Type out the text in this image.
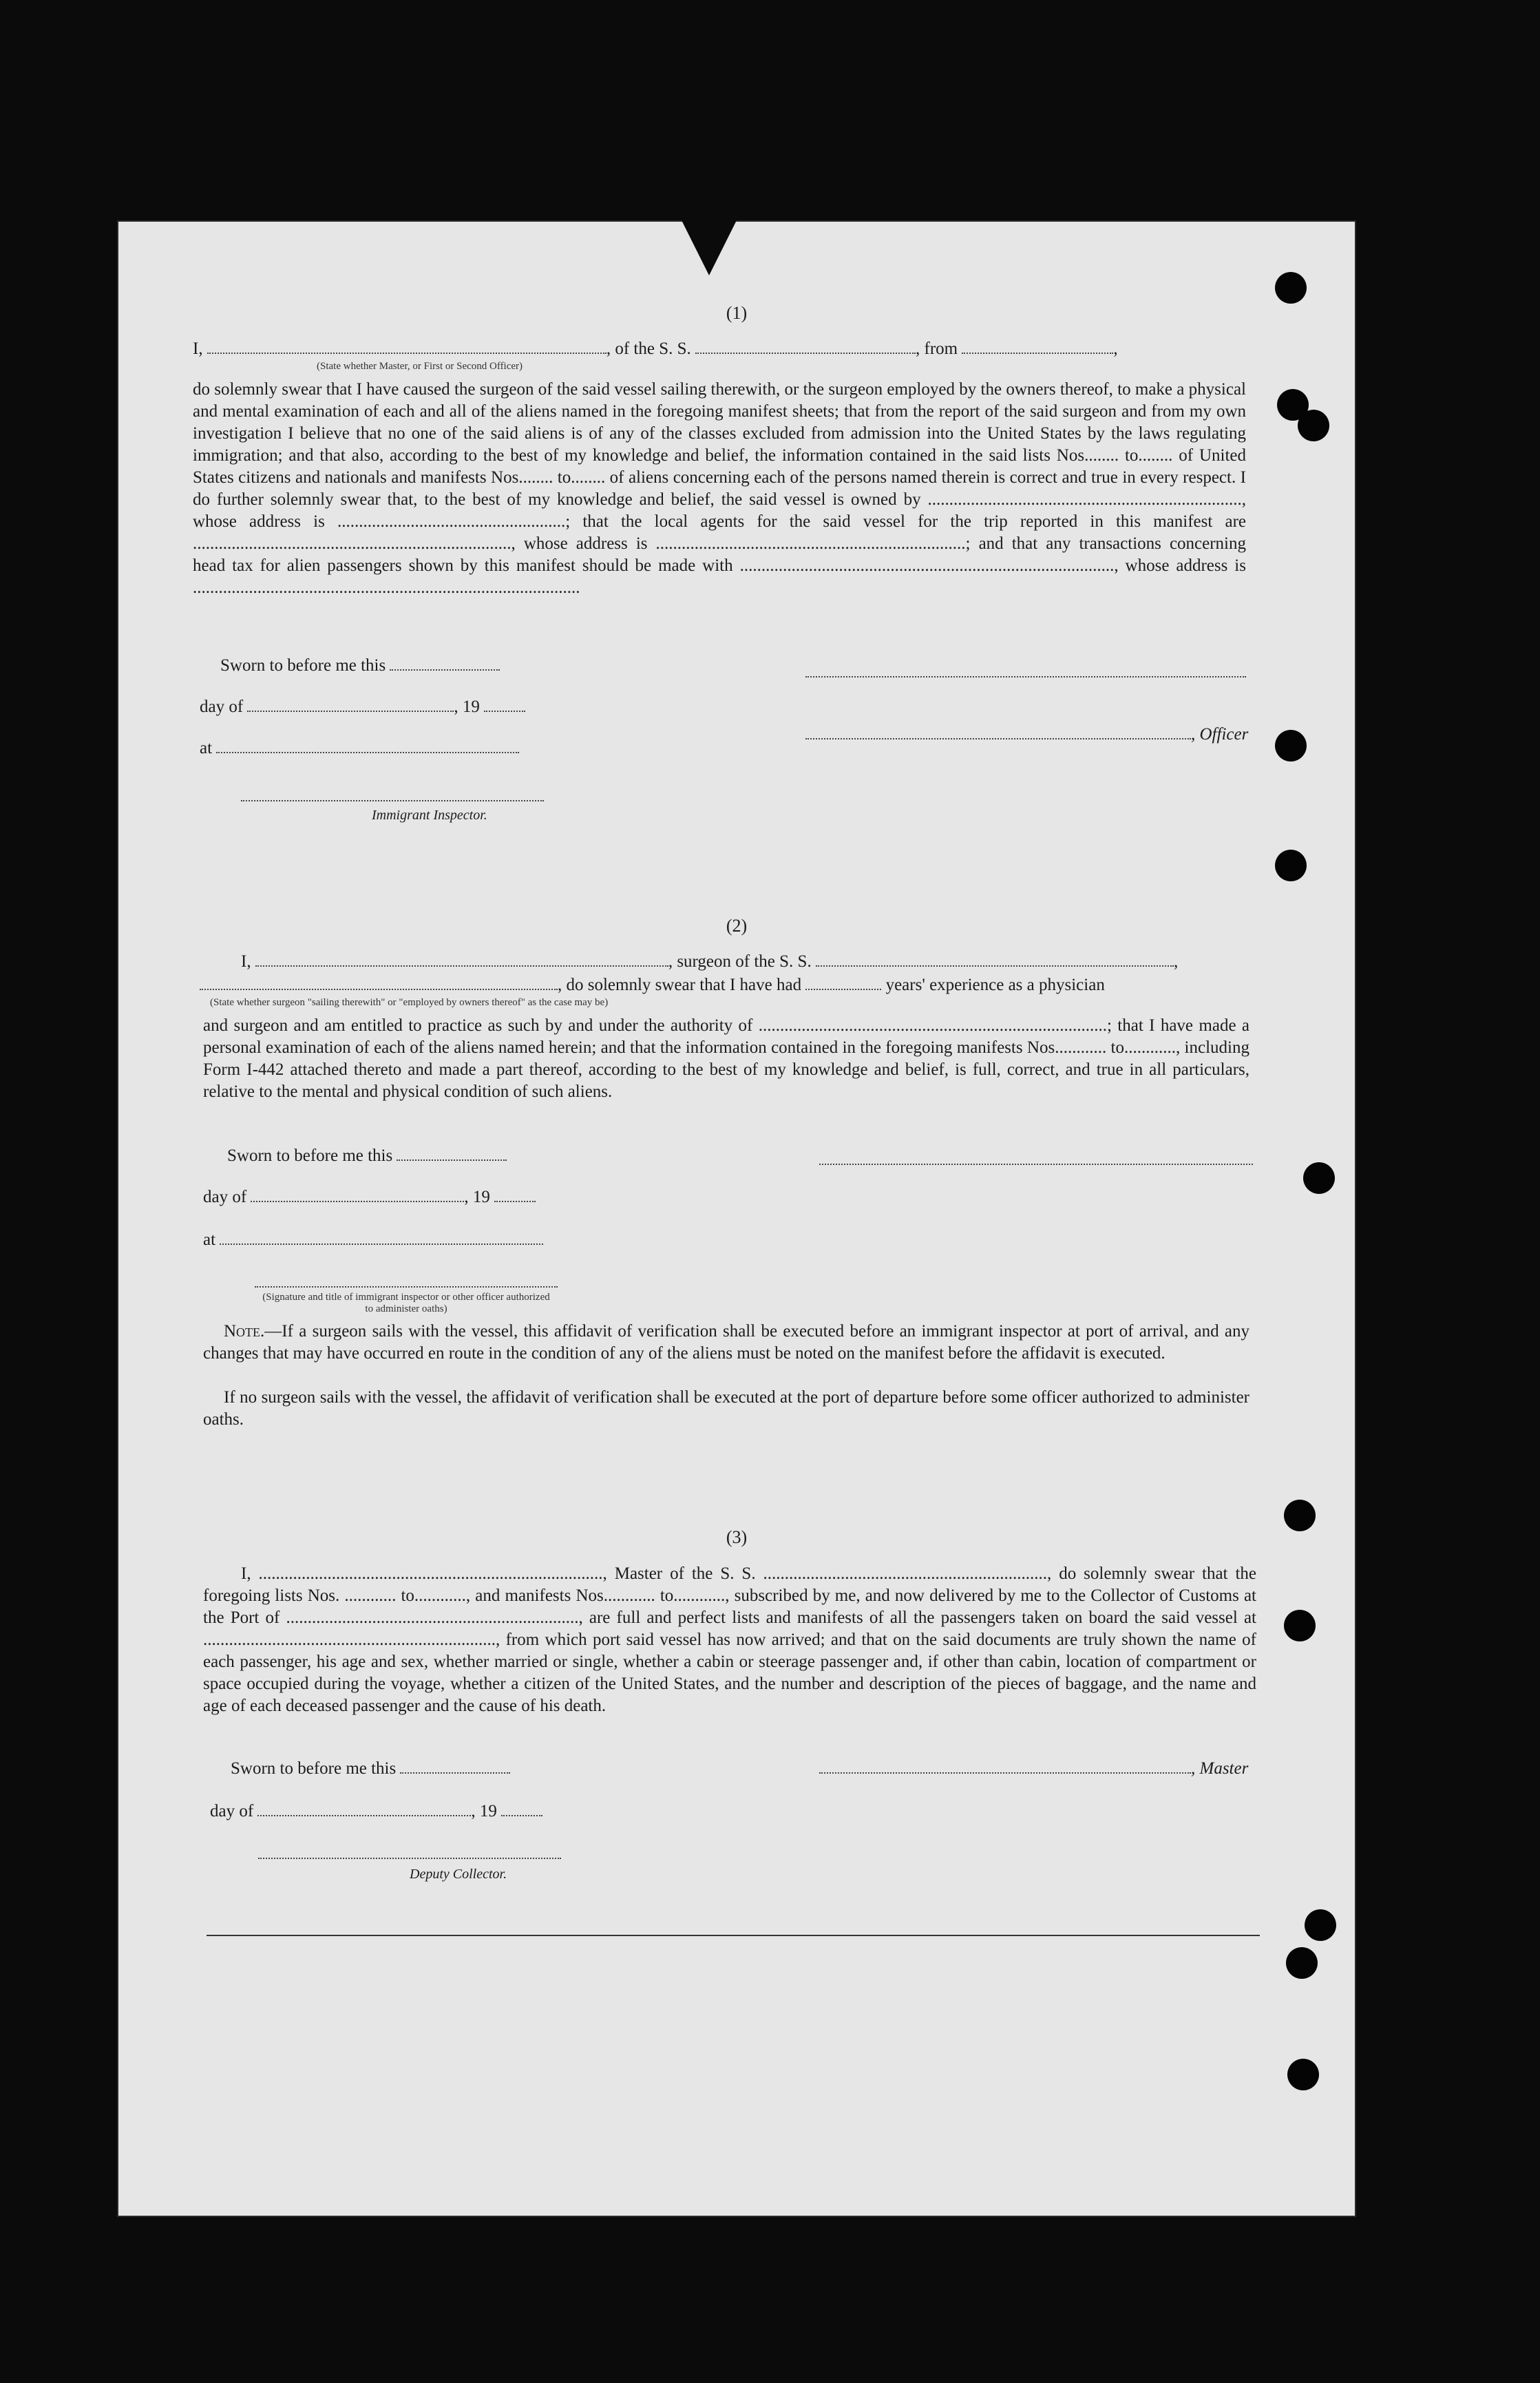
(1)
I,	, of the S. S.	, from	,
(State whether Master, or First or Second Officer)
do solemnly swear that I have caused the surgeon of the said vessel sailing therewith, or the surgeon employed by the owners thereof, to make a physical and mental examination of each and all of the aliens named in the foregoing manifest sheets; that from the report of the said surgeon and from my own investigation I believe that no one of the said aliens is of any of the classes excluded from admission into the United States by the laws regulating immigration; and that also, according to the best of my knowledge and belief, the information contained in the said lists Nos........ to........ of United States citizens and nationals and manifests Nos........ to........ of aliens concerning each of the persons named therein is correct and true in every respect. I do further solemnly swear that, to the best of my knowledge and belief, the said vessel is owned by ........................................................................., whose address is .....................................................; that the local agents for the said vessel for the trip reported in this manifest are .........................................................................., whose address is ........................................................................; and that any transactions concerning head tax for alien passengers shown by this manifest should be made with ......................................................................................., whose address is ..........................................................................................
Sworn to before me this
day of	, 19
at
, Officer
Immigrant Inspector.
(2)
I,	, surgeon of the S. S.	,
, do solemnly swear that I have had	years' experience as a physician
(State whether surgeon "sailing therewith" or "employed by owners thereof" as the case may be)
and surgeon and am entitled to practice as such by and under the authority of .................................................................................; that I have made a personal examination of each of the aliens named herein; and that the information contained in the foregoing manifests Nos............ to............, including Form I-442 attached thereto and made a part thereof, according to the best of my knowledge and belief, is full, correct, and true in all particulars, relative to the mental and physical condition of such aliens.
Sworn to before me this
day of	, 19
at
(Signature and title of immigrant inspector or other officer authorized to administer oaths)
Note.—If a surgeon sails with the vessel, this affidavit of verification shall be executed before an immigrant inspector at port of arrival, and any changes that may have occurred en route in the condition of any of the aliens must be noted on the manifest before the affidavit is executed.
If no surgeon sails with the vessel, the affidavit of verification shall be executed at the port of departure before some officer authorized to administer oaths.
(3)
I, ................................................................................, Master of the S. S. .................................................................., do solemnly swear that the foregoing lists Nos. ............ to............, and manifests Nos............ to............, subscribed by me, and now delivered by me to the Collector of Customs at the Port of ...................................................................., are full and perfect lists and manifests of all the passengers taken on board the said vessel at ...................................................................., from which port said vessel has now arrived; and that on the said documents are truly shown the name of each passenger, his age and sex, whether married or single, whether a cabin or steerage passenger and, if other than cabin, location of compartment or space occupied during the voyage, whether a citizen of the United States, and the number and description of the pieces of baggage, and the name and age of each deceased passenger and the cause of his death.
Sworn to before me this	, Master
day of	, 19
Deputy Collector.
